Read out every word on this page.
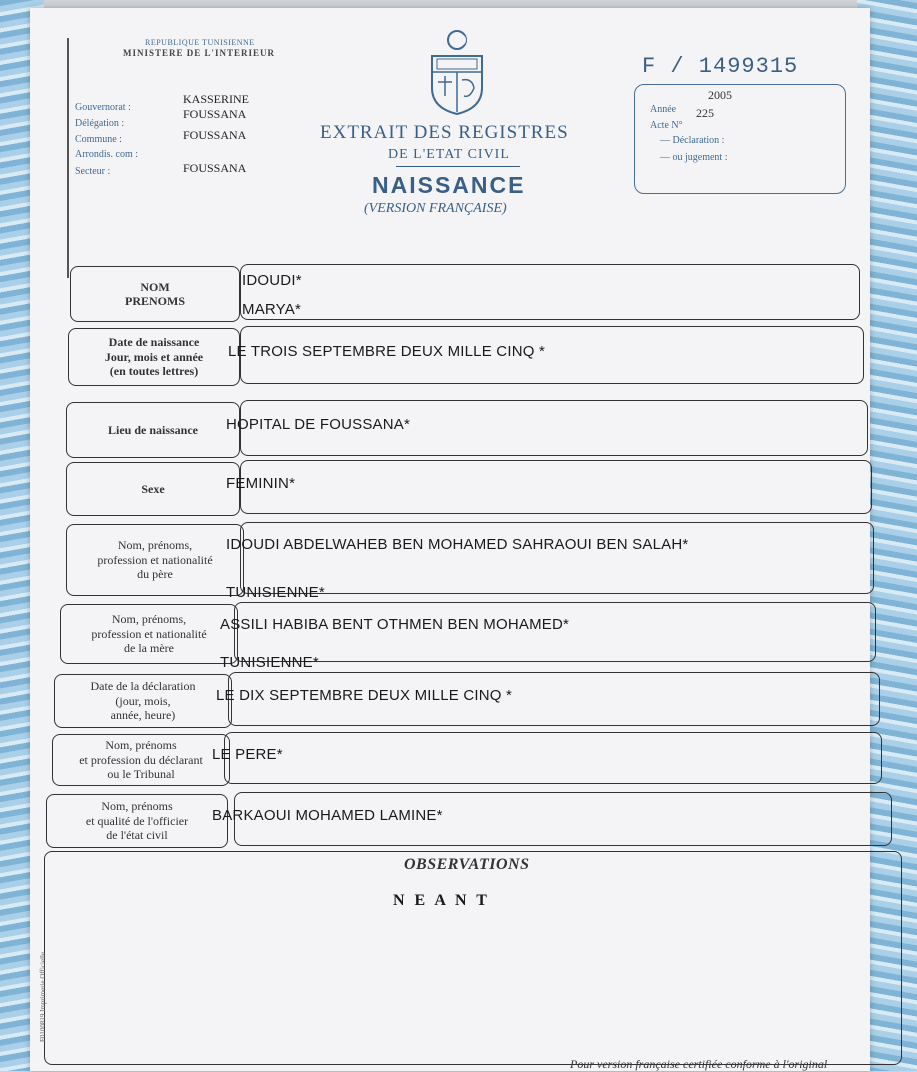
REPUBLIQUE TUNISIENNE
MINISTERE DE L'INTERIEUR
Gouvernorat :
KASSERINE
FOUSSANA
Délégation :
FOUSSANA
Commune :
Arrondis. com :
FOUSSANA
Secteur :
EXTRAIT DES REGISTRES
DE L'ETAT CIVIL
NAISSANCE
(VERSION FRANÇAISE)
F / 1499315
2005
Année 225
Acte N°
— Déclaration :
— ou jugement :
NOM
PRENOMS
IDOUDI*
MARYA*
Date de naissance
Jour, mois et année
(en toutes lettres)
LE TROIS SEPTEMBRE DEUX MILLE CINQ *
Lieu de naissance HOPITAL DE FOUSSANA*
Sexe	FEMININ*
Nom, prénoms,
profession et nationalité
du père
IDOUDI ABDELWAHEB BEN MOHAMED SAHRAOUI BEN SALAH*
TUNISIENNE*
Nom, prénoms,
profession et nationalité
de la mère
ASSILI HABIBA BENT OTHMEN BEN MOHAMED*
TUNISIENNE*
Date de la déclaration
(jour, mois,
année, heure)
LE DIX SEPTEMBRE DEUX MILLE CINQ *
Nom, prénoms
et profession du déclarant
ou le Tribunal
LE PERE*
Nom, prénoms
et qualité de l'officier
de l'état civil
BARKAOUI MOHAMED LAMINE*
OBSERVATIONS
N E A N T
F0100819 Imprimerie Officielle
Pour version française certifiée conforme à l'original
